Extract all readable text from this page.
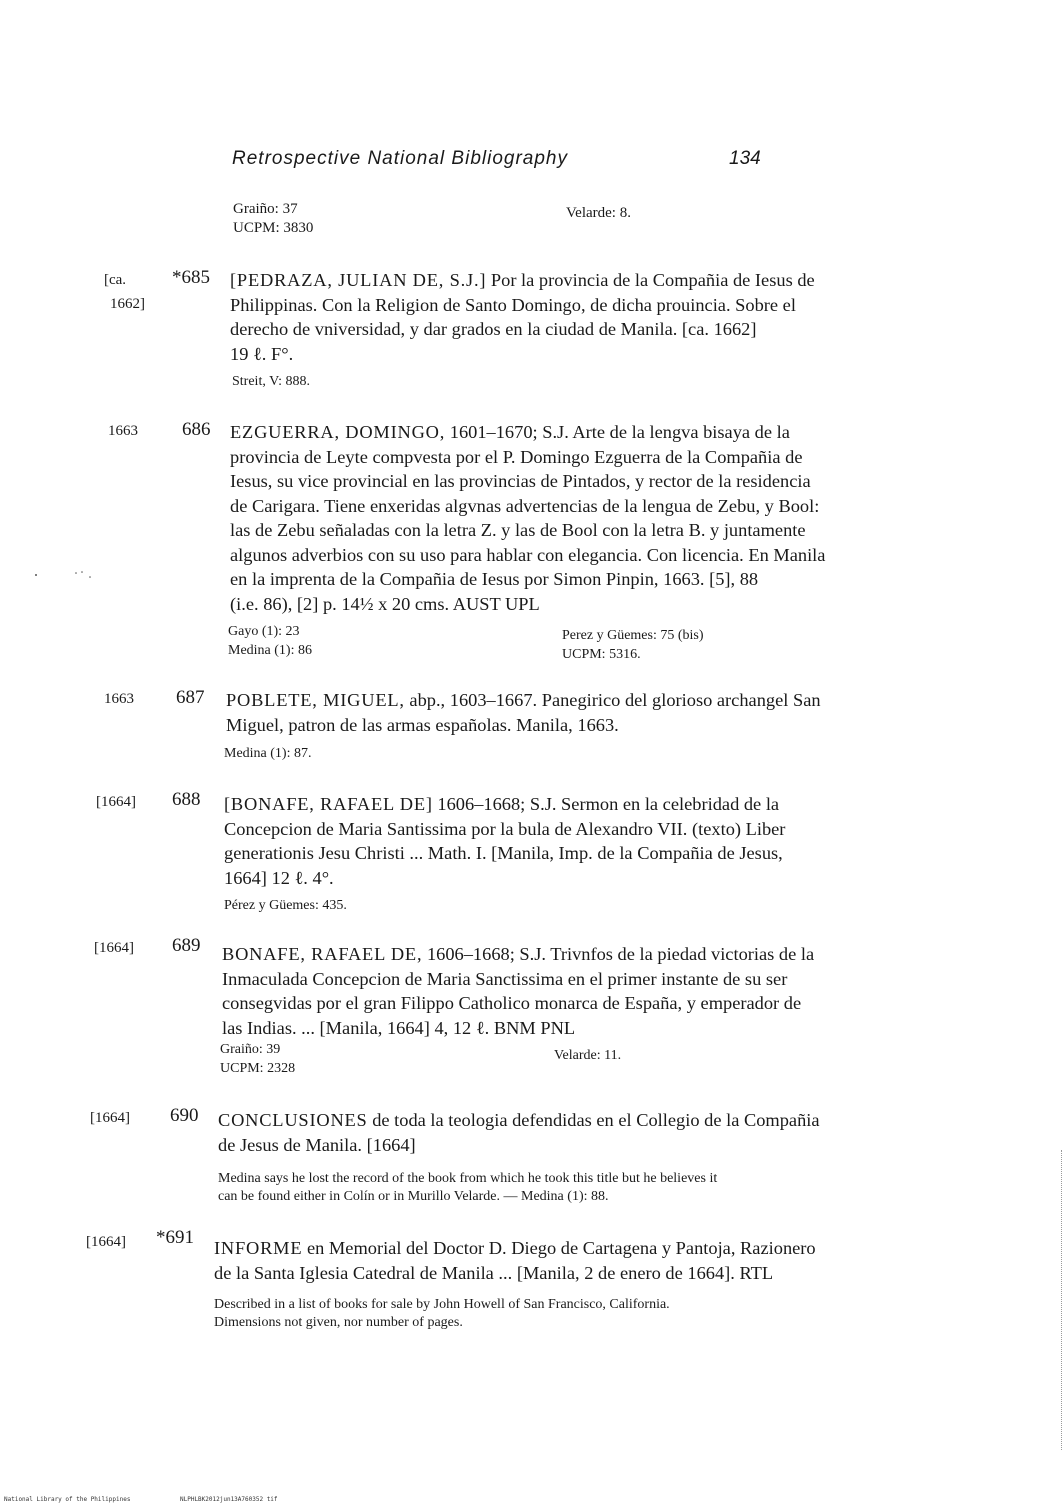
Retrospective National Bibliography	134
Graiño: 37
UCPM: 3830
Velarde: 8.
[ca.
1662]
*685 [PEDRAZA, JULIAN DE, S.J.] Por la provincia de la Compañia de Iesus de
Philippinas. Con la Religion de Santo Domingo, de dicha prouincia. Sobre el
derecho de vniversidad, y dar grados en la ciudad de Manila. [ca. 1662]
19 ℓ. F°.
Streit, V: 888.
1663 686 EZGUERRA, DOMINGO, 1601–1670; S.J. Arte de la lengva bisaya de la
provincia de Leyte compvesta por el P. Domingo Ezguerra de la Compañia de
Iesus, su vice provincial en las provincias de Pintados, y rector de la residencia
de Carigara. Tiene enxeridas algvnas advertencias de la lengua de Zebu, y Bool:
las de Zebu señaladas con la letra Z. y las de Bool con la letra B. y juntamente
algunos adverbios con su uso para hablar con elegancia. Con licencia. En Manila
en la imprenta de la Compañia de Iesus por Simon Pinpin, 1663. [5], 88
(i.e. 86), [2] p. 14½ x 20 cms. AUST UPL
Gayo (1): 23
Medina (1): 86
Perez y Güemes: 75 (bis)
UCPM: 5316.
1663 687 POBLETE, MIGUEL, abp., 1603–1667. Panegirico del glorioso archangel San
Miguel, patron de las armas españolas. Manila, 1663.
Medina (1): 87.
[1664] 688 [BONAFE, RAFAEL DE] 1606–1668; S.J. Sermon en la celebridad de la
Concepcion de Maria Santissima por la bula de Alexandro VII. (texto) Liber
generationis Jesu Christi ... Math. I. [Manila, Imp. de la Compañia de Jesus,
1664] 12 ℓ. 4°.
Pérez y Güemes: 435.
[1664] 689 BONAFE, RAFAEL DE, 1606–1668; S.J. Trivnfos de la piedad victorias de la
Inmaculada Concepcion de Maria Sanctissima en el primer instante de su ser
consegvidas por el gran Filippo Catholico monarca de España, y emperador de
las Indias. ... [Manila, 1664] 4, 12 ℓ. BNM PNL
Graiño: 39
UCPM: 2328
Velarde: 11.
[1664] 690 CONCLUSIONES de toda la teologia defendidas en el Collegio de la Compañia
de Jesus de Manila. [1664]
Medina says he lost the record of the book from which he took this title but he believes it
can be found either in Colín or in Murillo Velarde. — Medina (1): 88.
[1664] *691 INFORME en Memorial del Doctor D. Diego de Cartagena y Pantoja, Razionero
de la Santa Iglesia Catedral de Manila ... [Manila, 2 de enero de 1664]. RTL
Described in a list of books for sale by John Howell of San Francisco, California.
Dimensions not given, nor number of pages.
National Library of the Philippines	NLPHLBK2012jun13A760352 tif
